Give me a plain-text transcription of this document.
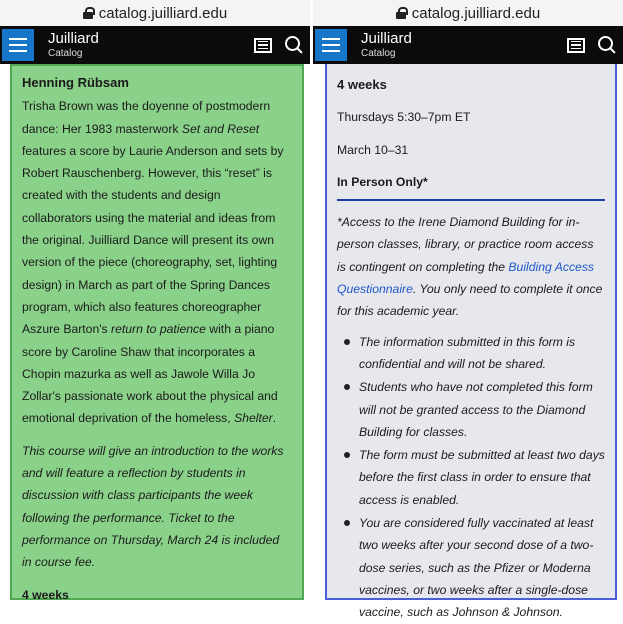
catalog.juilliard.edu
Juilliard
Catalog
Henning Rübsam

Trisha Brown was the doyenne of postmodern dance: Her 1983 masterwork Set and Reset features a score by Laurie Anderson and sets by Robert Rauschenberg. However, this “reset” is created with the students and design collaborators using the material and ideas from the original. Juilliard Dance will present its own version of the piece (choreography, set, lighting design) in March as part of the Spring Dances program, which also features choreographer Aszure Barton's return to patience with a piano score by Caroline Shaw that incorporates a Chopin mazurka as well as Jawole Willa Jo Zollar's passionate work about the physical and emotional deprivation of the homeless, Shelter.

This course will give an introduction to the works and will feature a reflection by students in discussion with class participants the week following the performance. Ticket to the performance on Thursday, March 24 is included in course fee.

4 weeks
catalog.juilliard.edu
Juilliard
Catalog
4 weeks
Thursdays 5:30–7pm ET
March 10–31
In Person Only*
*Access to the Irene Diamond Building for in-person classes, library, or practice room access is contingent on completing the Building Access Questionnaire. You only need to complete it once for this academic year.
The information submitted in this form is confidential and will not be shared.
Students who have not completed this form will not be granted access to the Diamond Building for classes.
The form must be submitted at least two days before the first class in order to ensure that access is enabled.
You are considered fully vaccinated at least two weeks after your second dose of a two-dose series, such as the Pfizer or Moderna vaccines, or two weeks after a single-dose vaccine, such as Johnson & Johnson.
